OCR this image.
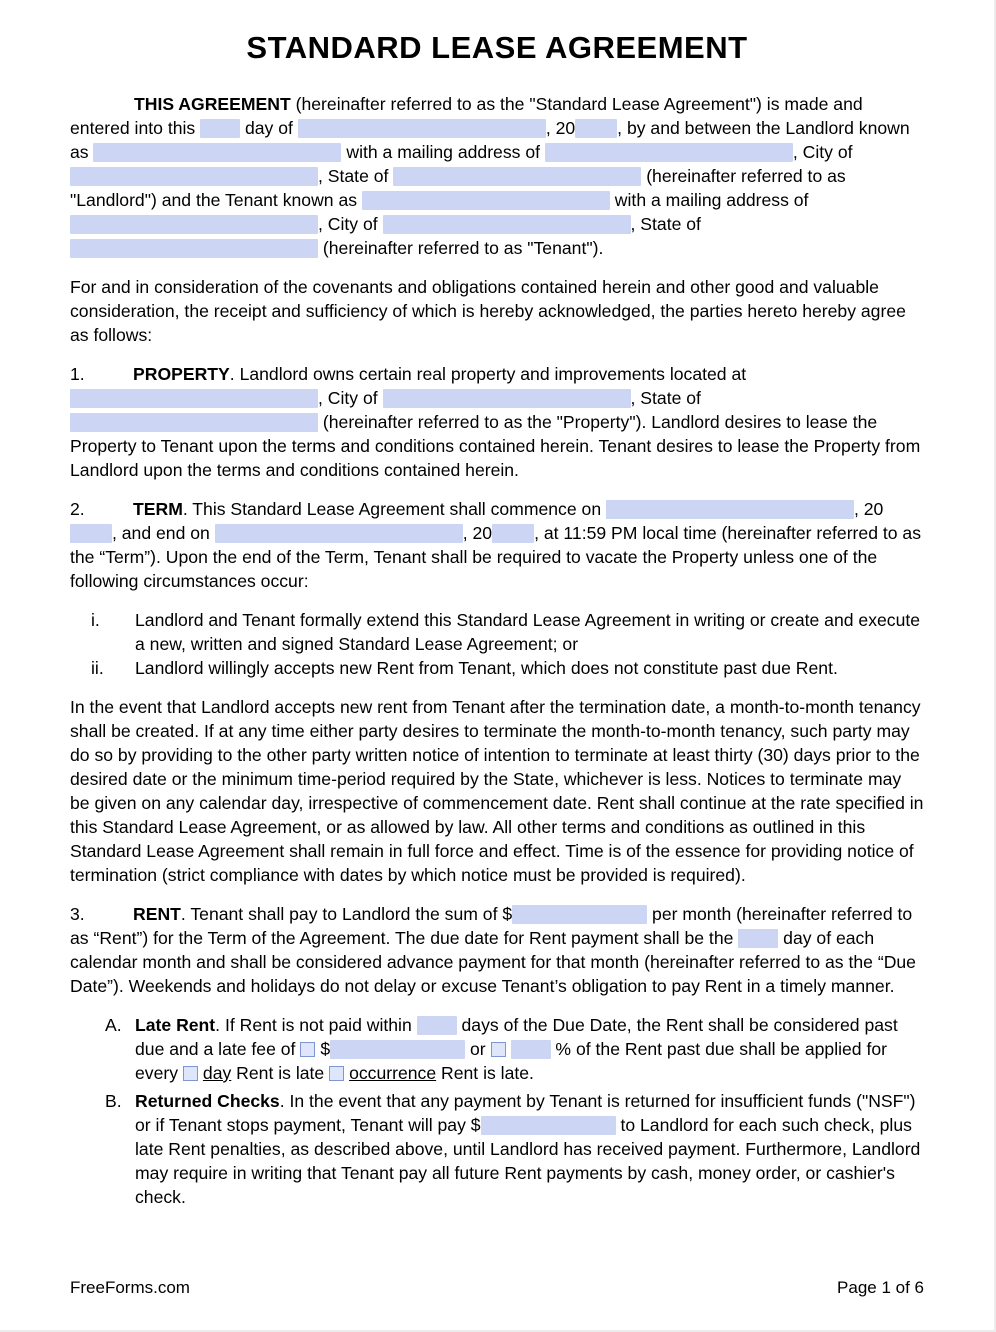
STANDARD LEASE AGREEMENT

THIS AGREEMENT (hereinafter referred to as the "Standard Lease Agreement") is made and entered into this  day of	, 20 , by and between the Landlord known as	with a mailing address of	, City of , State of	(hereinafter referred to as "Landlord") and the Tenant known as	with a mailing address of , City of	, State of  (hereinafter referred to as "Tenant").

For and in consideration of the covenants and obligations contained herein and other good and valuable consideration, the receipt and sufficiency of which is hereby acknowledged, the parties hereto hereby agree as follows:

1.	PROPERTY. Landlord owns certain real property and improvements located at , City of	, State of  (hereinafter referred to as the "Property"). Landlord desires to lease the Property to Tenant upon the terms and conditions contained herein. Tenant desires to lease the Property from Landlord upon the terms and conditions contained herein.

2.	TERM. This Standard Lease Agreement shall commence on	, 20, and end on	, 20 , at 11:59 PM local time (hereinafter referred to as the “Term”). Upon the end of the Term, Tenant shall be required to vacate the Property unless one of the following circumstances occur:

i. Landlord and Tenant formally extend this Standard Lease Agreement in writing or create and execute a new, written and signed Standard Lease Agreement; or
ii. Landlord willingly accepts new Rent from Tenant, which does not constitute past due Rent.

In the event that Landlord accepts new rent from Tenant after the termination date, a month-to-month tenancy shall be created. If at any time either party desires to terminate the month-to-month tenancy, such party may do so by providing to the other party written notice of intention to terminate at least thirty (30) days prior to the desired date or the minimum time-period required by the State, whichever is less. Notices to terminate may be given on any calendar day, irrespective of commencement date. Rent shall continue at the rate specified in this Standard Lease Agreement, or as allowed by law. All other terms and conditions as outlined in this Standard Lease Agreement shall remain in full force and effect. Time is of the essence for providing notice of termination (strict compliance with dates by which notice must be provided is required).

3.	RENT. Tenant shall pay to Landlord the sum of $	per month (hereinafter referred to as “Rent”) for the Term of the Agreement. The due date for Rent payment shall be the  day of each calendar month and shall be considered advance payment for that month (hereinafter referred to as the “Due Date”). Weekends and holidays do not delay or excuse Tenant’s obligation to pay Rent in a timely manner.

A. Late Rent. If Rent is not paid within  days of the Due Date, the Rent shall be considered past due and a late fee of $	or	% of the Rent past due shall be applied for every day Rent is late occurrence Rent is late.
B. Returned Checks. In the event that any payment by Tenant is returned for insufficient funds ("NSF") or if Tenant stops payment, Tenant will pay $	to Landlord for each such check, plus late Rent penalties, as described above, until Landlord has received payment. Furthermore, Landlord may require in writing that Tenant pay all future Rent payments by cash, money order, or cashier's check.
FreeForms.com	Page 1 of 6
